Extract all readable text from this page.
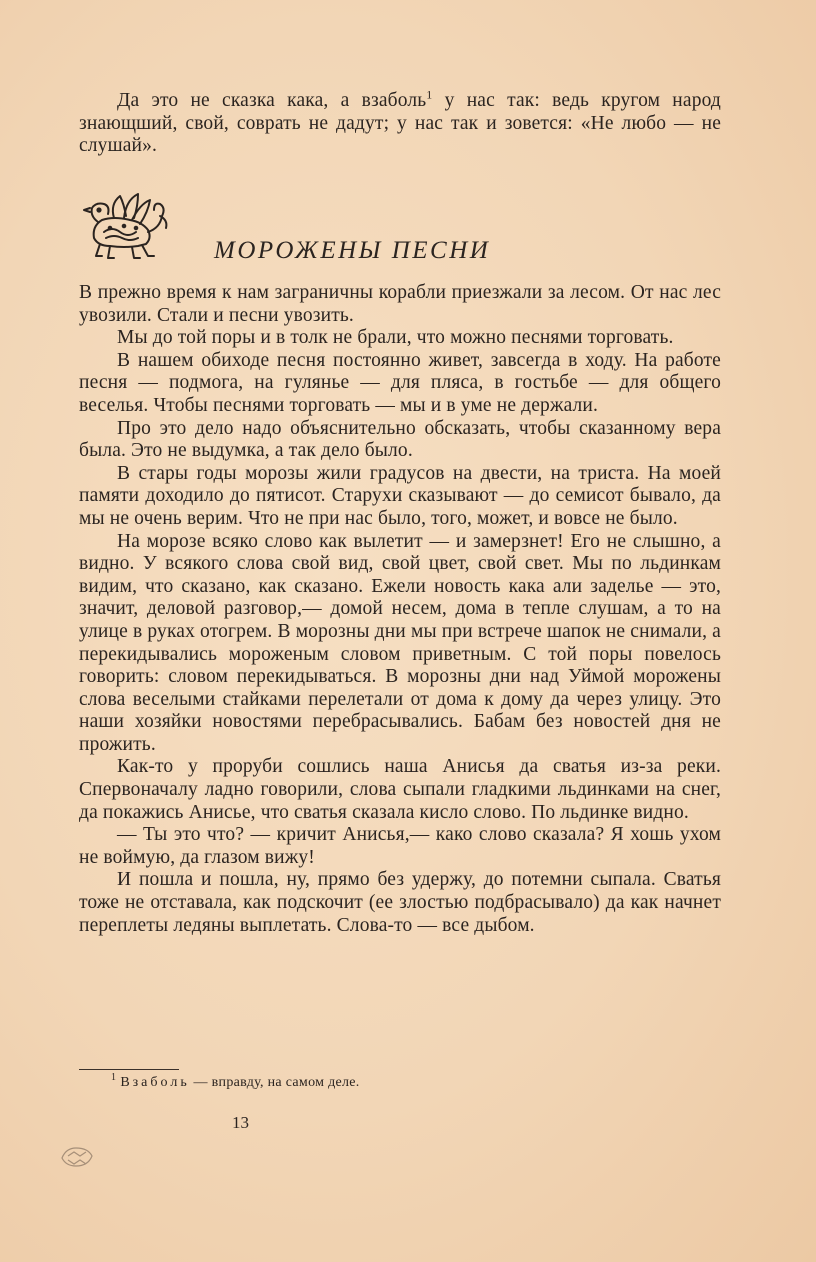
Да это не сказка кака, а взаболь$^1$ у нас так: ведь кругом народ знающший, свой, соврать не дадут; у нас так и зовется: «Не любо — не слушай».

МОРОЖЕНЫ ПЕСНИ

В прежно время к нам заграничны корабли приезжали за лесом. От нас лес увозили. Стали и песни увозить.

Мы до той поры и в толк не брали, что можно песнями торговать.

В нашем обиходе песня постоянно живет, завсегда в ходу. На работе песня — подмога, на гулянье — для пляса, в гостьбе — для общего веселья. Чтобы песнями торговать — мы и в уме не держали.

Про это дело надо объяснительно обсказать, чтобы сказанному вера была. Это не выдумка, а так дело было.

В стары годы морозы жили градусов на двести, на триста. На моей памяти доходило до пятисот. Старухи сказывают — до семисот бывало, да мы не очень верим. Что не при нас было, того, может, и вовсе не было.

На морозе всяко слово как вылетит — и замерзнет! Его не слышно, а видно. У всякого слова свой вид, свой цвет, свой свет. Мы по льдинкам видим, что сказано, как сказано. Ежели новость кака али заделье — это, значит, деловой разговор,— домой несем, дома в тепле слушам, а то на улице в руках отогрем. В морозны дни мы при встрече шапок не снимали, а перекидывались мороженым словом приветным. С той поры повелось говорить: словом перекидываться. В морозны дни над Уймой морожены слова веселыми стайками перелетали от дома к дому да через улицу. Это наши хозяйки новостями перебрасывались. Бабам без новостей дня не прожить.

Как-то у проруби сошлись наша Анисья да сватья из-за реки. Спервоначалу ладно говорили, слова сыпали гладкими льдинками на снег, да покажись Анисье, что сватья сказала кисло слово. По льдинке видно.

— Ты это что? — кричит Анисья,— како слово сказала? Я хошь ухом не воймую, да глазом вижу!

И пошла и пошла, ну, прямо без удержу, до потемни сыпала. Сватья тоже не отставала, как подскочит (ее злостью подбрасывало) да как начнет переплеты ледяны выплетать. Слова-то — все дыбом.

$^1$ Взаболь — вправду, на самом деле.
13
